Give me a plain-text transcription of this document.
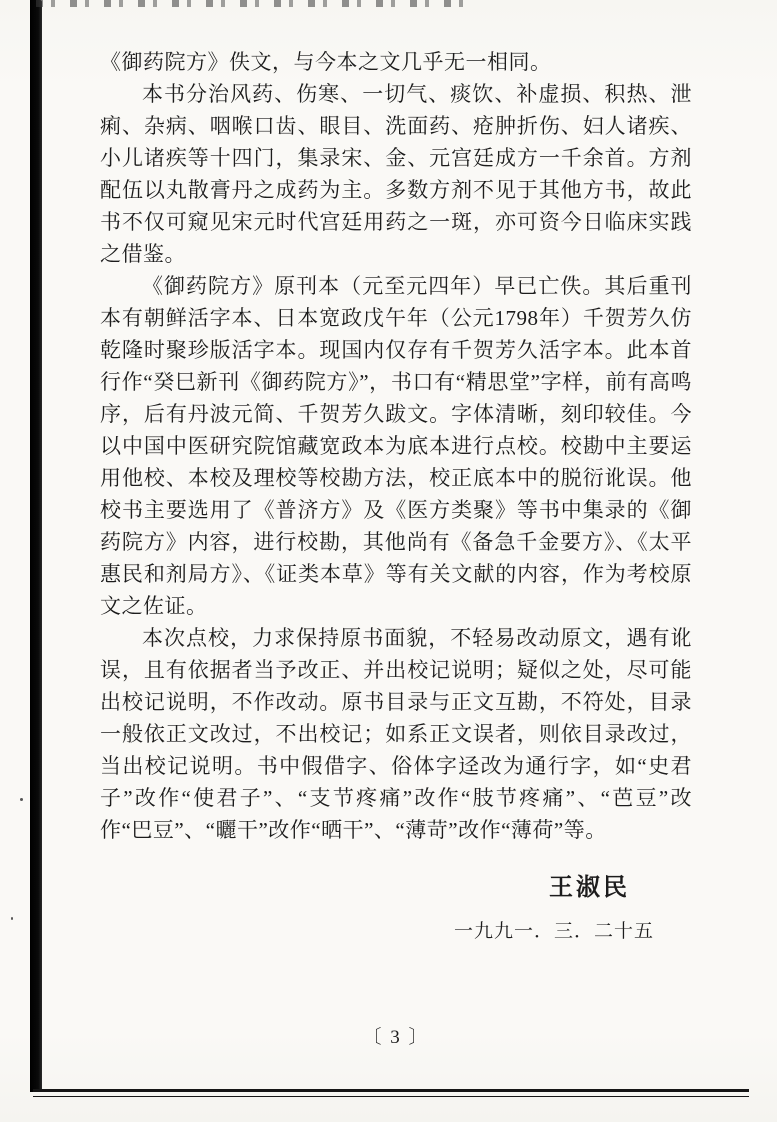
《御药院方》佚文，与今本之文几乎无一相同。

本书分治风药、伤寒、一切气、痰饮、补虚损、积热、泄痢、杂病、咽喉口齿、眼目、洗面药、疮肿折伤、妇人诸疾、小儿诸疾等十四门，集录宋、金、元宫廷成方一千余首。方剂配伍以丸散膏丹之成药为主。多数方剂不见于其他方书，故此书不仅可窥见宋元时代宫廷用药之一斑，亦可资今日临床实践之借鉴。

《御药院方》原刊本（元至元四年）早已亡佚。其后重刊本有朝鲜活字本、日本宽政戊午年（公元1798年）千贺芳久仿乾隆时聚珍版活字本。现国内仅存有千贺芳久活字本。此本首行作“癸巳新刊《御药院方》”，书口有“精思堂”字样，前有高鸣序，后有丹波元简、千贺芳久跋文。字体清晰，刻印较佳。今以中国中医研究院馆藏宽政本为底本进行点校。校勘中主要运用他校、本校及理校等校勘方法，校正底本中的脱衍讹误。他校书主要选用了《普济方》及《医方类聚》等书中集录的《御药院方》内容，进行校勘，其他尚有《备急千金要方》、《太平惠民和剂局方》、《证类本草》等有关文献的内容，作为考校原文之佐证。

本次点校，力求保持原书面貌，不轻易改动原文，遇有讹误，且有依据者当予改正、并出校记说明；疑似之处，尽可能出校记说明，不作改动。原书目录与正文互勘，不符处，目录一般依正文改过，不出校记；如系正文误者，则依目录改过，当出校记说明。书中假借字、俗体字迳改为通行字，如“史君子”改作“使君子”、“支节疼痛”改作“肢节疼痛”、“芭豆”改作“巴豆”、“曬干”改作“晒干”、“薄苛”改作“薄荷”等。

王淑民
一九九一．三．二十五
〔 3 〕
